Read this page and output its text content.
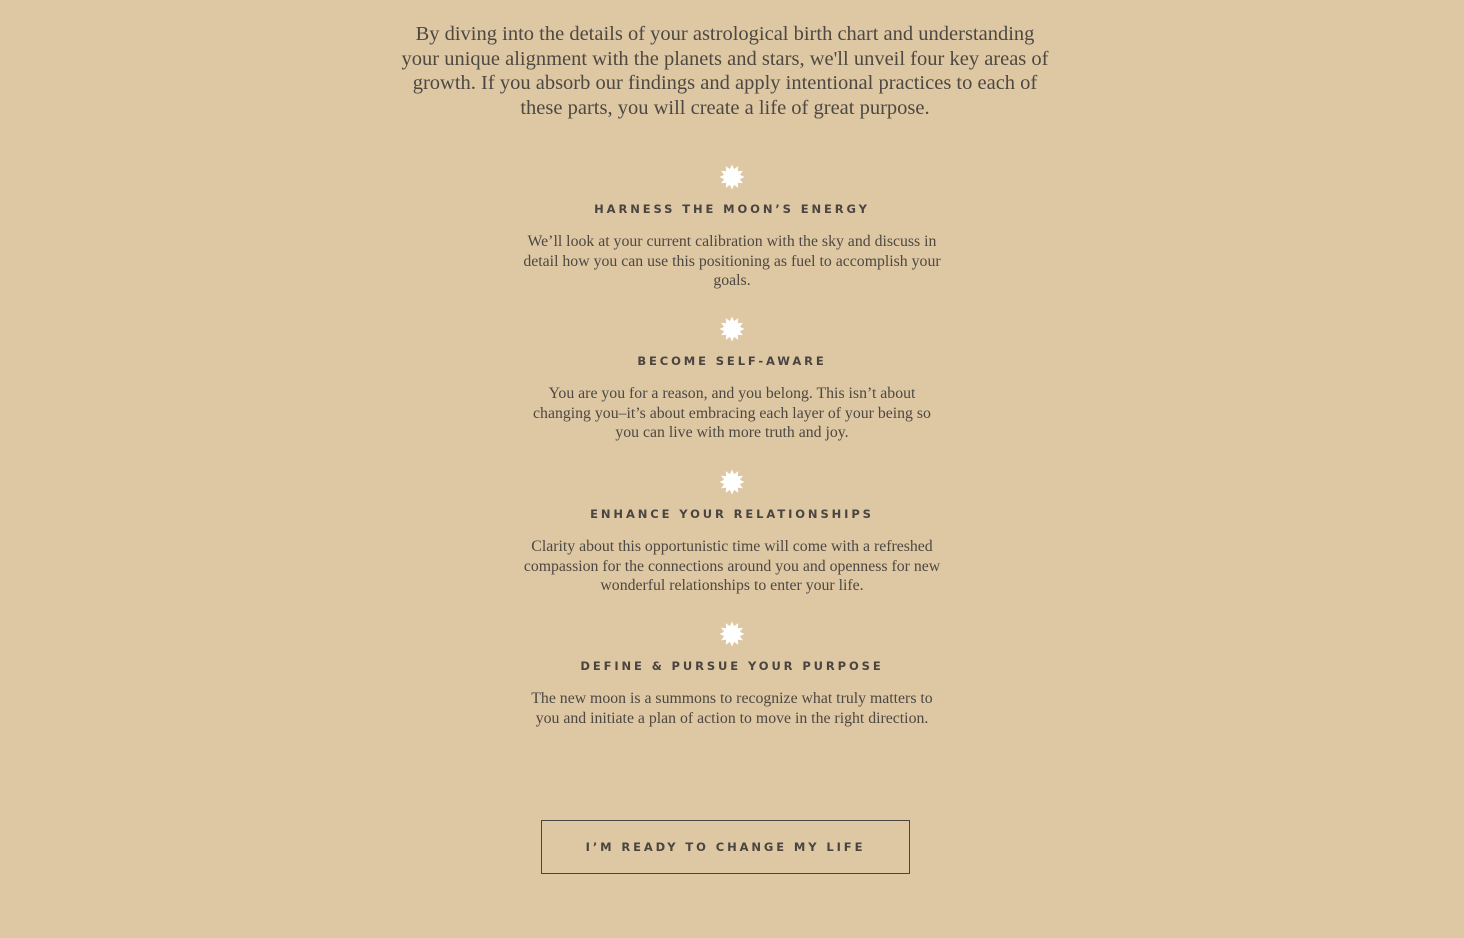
By diving into the details of your astrological birth chart and understanding your unique alignment with the planets and stars, we'll unveil four key areas of growth. If you absorb our findings and apply intentional practices to each of these parts, you will create a life of great purpose.

HARNESS THE MOON’S ENERGY

We’ll look at your current calibration with the sky and discuss in detail how you can use this positioning as fuel to accomplish your goals.

BECOME SELF-AWARE

You are you for a reason, and you belong. This isn’t about changing you–it’s about embracing each layer of your being so you can live with more truth and joy.

ENHANCE YOUR RELATIONSHIPS

Clarity about this opportunistic time will come with a refreshed compassion for the connections around you and openness for new wonderful relationships to enter your life.

DEFINE & PURSUE YOUR PURPOSE

The new moon is a summons to recognize what truly matters to you and initiate a plan of action to move in the right direction.

I’M READY TO CHANGE MY LIFE
